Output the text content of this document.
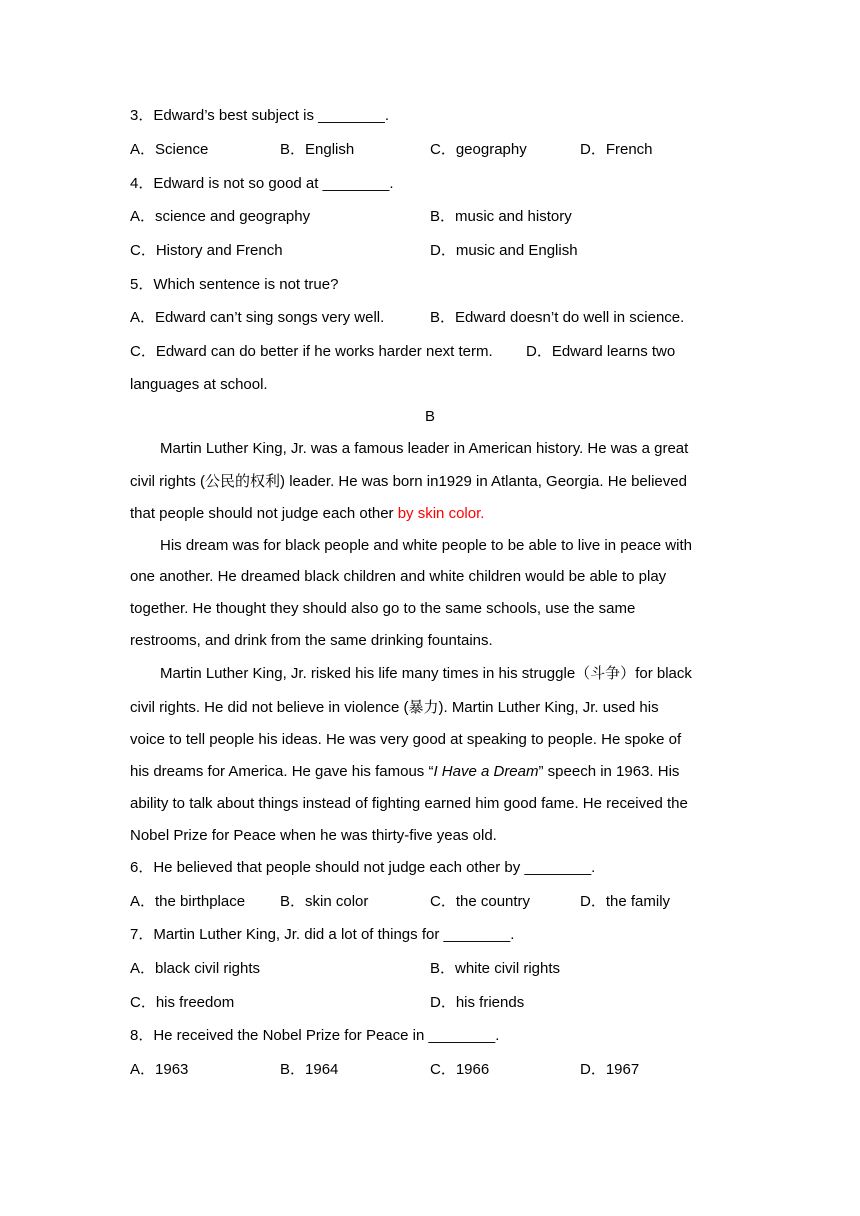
3．Edward’s best subject is ________.
A．Science	B．English	C．geography	D．French
4．Edward is not so good at ________.
A．science and geography	B．music and history
C．History and French	D．music and English
5．Which sentence is not true?
A．Edward can’t sing songs very well.	B．Edward doesn’t do well in science.
C．Edward can do better if he works harder next term. D．Edward learns two
languages at school.
B
Martin Luther King, Jr. was a famous leader in American history. He was a great
civil rights (公民的权利) leader. He was born in1929 in Atlanta, Georgia. He believed
that people should not judge each other by skin color.
His dream was for black people and white people to be able to live in peace with
one another. He dreamed black children and white children would be able to play
together. He thought they should also go to the same schools, use the same
restrooms, and drink from the same drinking fountains.
Martin Luther King, Jr. risked his life many times in his struggle（斗争）for black
civil rights. He did not believe in violence (暴力). Martin Luther King, Jr. used his
voice to tell people his ideas. He was very good at speaking to people. He spoke of
his dreams for America. He gave his famous “I Have a Dream” speech in 1963. His
ability to talk about things instead of fighting earned him good fame. He received the
Nobel Prize for Peace when he was thirty-five yeas old.
6．He believed that people should not judge each other by ________.
A．the birthplace B．skin color	C．the country	D．the family
7．Martin Luther King, Jr. did a lot of things for ________.
A．black civil rights	B．white civil rights
C．his freedom	D．his friends
8．He received the Nobel Prize for Peace in ________.
A．1963	B．1964	C．1966	D．1967
